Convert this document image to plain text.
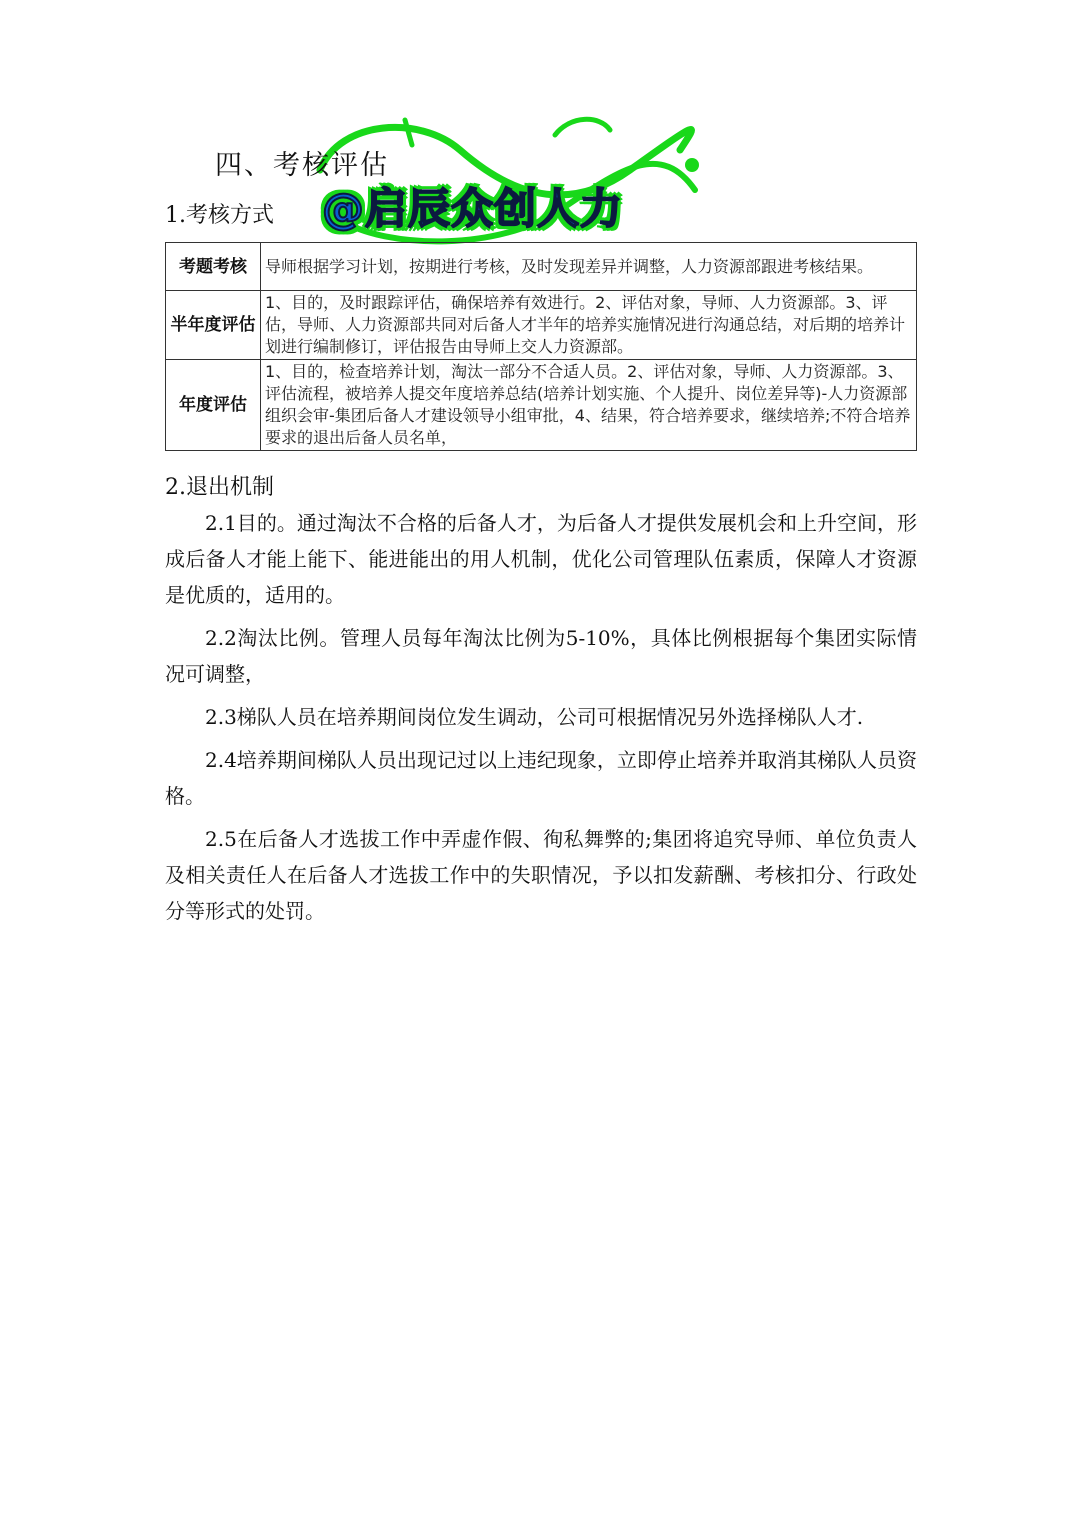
四、考核评估
1.考核方式 @启辰众创人力
考题考核	导师根据学习计划，按期进行考核，及时发现差异并调整，人力资源部跟进考核结果。
半年度评估	1、目的，及时跟踪评估，确保培养有效进行。2、评估对象，导师、人力资源部。3、评估，导师、人力资源部共同对后备人才半年的培养实施情况进行沟通总结，对后期的培养计划进行编制修订，评估报告由导师上交人力资源部。
年度评估	1、目的，检查培养计划，淘汰一部分不合适人员。2、评估对象，导师、人力资源部。3、评估流程，被培养人提交年度培养总结(培养计划实施、个人提升、岗位差异等)-人力资源部组织会审-集团后备人才建设领导小组审批，4、结果，符合培养要求，继续培养;不符合培养要求的退出后备人员名单，
2.退出机制

2.1目的。通过淘汰不合格的后备人才，为后备人才提供发展机会和上升空间，形成后备人才能上能下、能进能出的用人机制，优化公司管理队伍素质，保障人才资源是优质的，适用的。

2.2淘汰比例。管理人员每年淘汰比例为5-10%，具体比例根据每个集团实际情况可调整，

2.3梯队人员在培养期间岗位发生调动，公司可根据情况另外选择梯队人才.

2.4培养期间梯队人员出现记过以上违纪现象，立即停止培养并取消其梯队人员资格。

2.5在后备人才选拔工作中弄虚作假、徇私舞弊的;集团将追究导师、单位负责人及相关责任人在后备人才选拔工作中的失职情况，予以扣发薪酬、考核扣分、行政处分等形式的处罚。
